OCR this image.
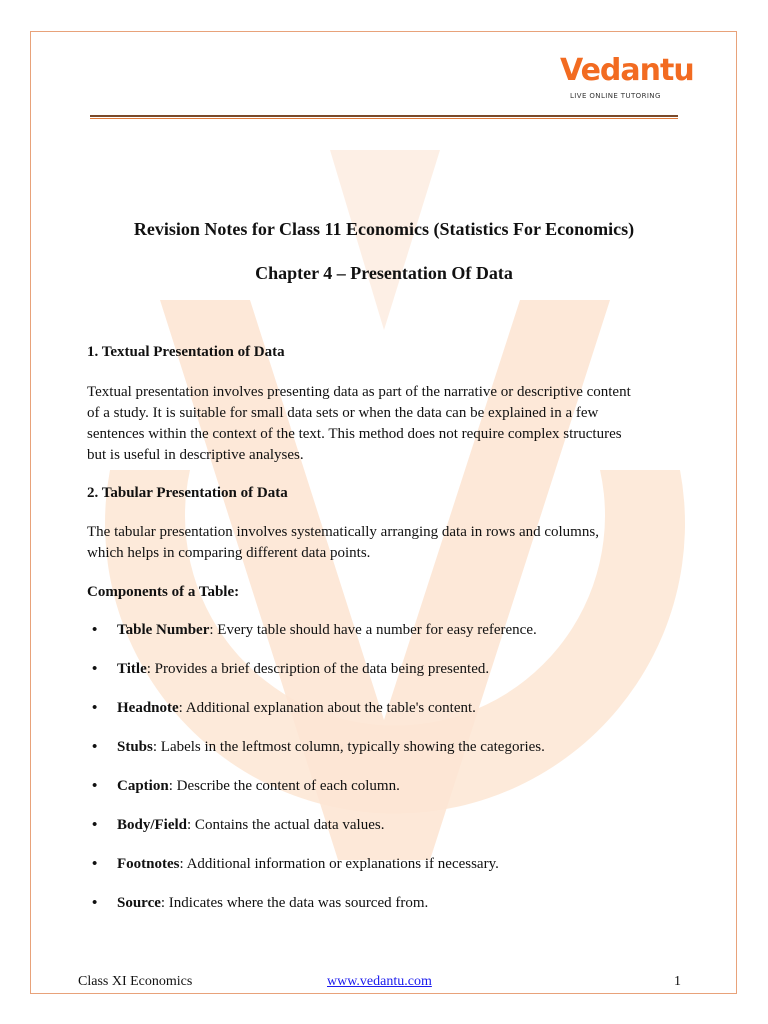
Vedantu
LIVE ONLINE TUTORING
Revision Notes for Class 11 Economics (Statistics For Economics)
Chapter 4 – Presentation Of Data
1. Textual Presentation of Data
Textual presentation involves presenting data as part of the narrative or descriptive content
of a study. It is suitable for small data sets or when the data can be explained in a few
sentences within the context of the text. This method does not require complex structures
but is useful in descriptive analyses.
2. Tabular Presentation of Data
The tabular presentation involves systematically arranging data in rows and columns,
which helps in comparing different data points.
Components of a Table:
• Table Number: Every table should have a number for easy reference.
• Title: Provides a brief description of the data being presented.
• Headnote: Additional explanation about the table's content.
• Stubs: Labels in the leftmost column, typically showing the categories.
• Caption: Describe the content of each column.
• Body/Field: Contains the actual data values.
• Footnotes: Additional information or explanations if necessary.
• Source: Indicates where the data was sourced from.
Class XI Economics	www.vedantu.com	1
